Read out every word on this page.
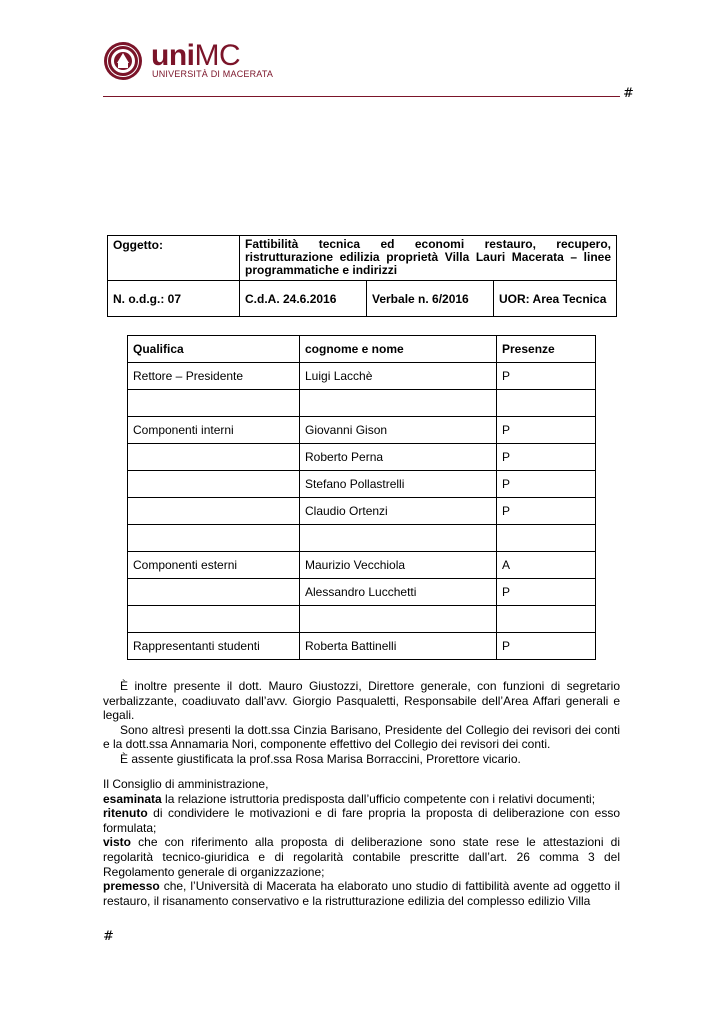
uniMC
UNIVERSITÀ DI MACERATA
#
Oggetto:	Fattibilità tecnica ed economi restauro, recupero, ristrutturazione edilizia proprietà Villa Lauri Macerata – linee programmatiche e indirizzi		
N. o.d.g.: 07	C.d.A. 24.6.2016	Verbale n. 6/2016	UOR: Area Tecnica
Qualifica	cognome e nome	Presenze
Rettore – Presidente	Luigi Lacchè	P

Componenti interni	Giovanni Gison	P
	Roberto Perna	P
	Stefano Pollastrelli	P
	Claudio Ortenzi	P

Componenti esterni	Maurizio Vecchiola	A
	Alessandro Lucchetti	P

Rappresentanti studenti	Roberta Battinelli	P

È inoltre presente il dott. Mauro Giustozzi, Direttore generale, con funzioni di segretario verbalizzante, coadiuvato dall’avv. Giorgio Pasqualetti, Responsabile dell’Area Affari generali e legali.

Sono altresì presenti la dott.ssa Cinzia Barisano, Presidente del Collegio dei revisori dei conti e la dott.ssa Annamaria Nori, componente effettivo del Collegio dei revisori dei conti.

È assente giustificata la prof.ssa Rosa Marisa Borraccini, Prorettore vicario.

Il Consiglio di amministrazione,

esaminata la relazione istruttoria predisposta dall’ufficio competente con i relativi documenti;

ritenuto di condividere le motivazioni e di fare propria la proposta di deliberazione con esso formulata;

visto che con riferimento alla proposta di deliberazione sono state rese le attestazioni di regolarità tecnico-giuridica e di regolarità contabile prescritte dall’art. 26 comma 3 del Regolamento generale di organizzazione;

premesso che, l’Università di Macerata ha elaborato uno studio di fattibilità avente ad oggetto il restauro, il risanamento conservativo e la ristrutturazione edilizia del complesso edilizio Villa

#
